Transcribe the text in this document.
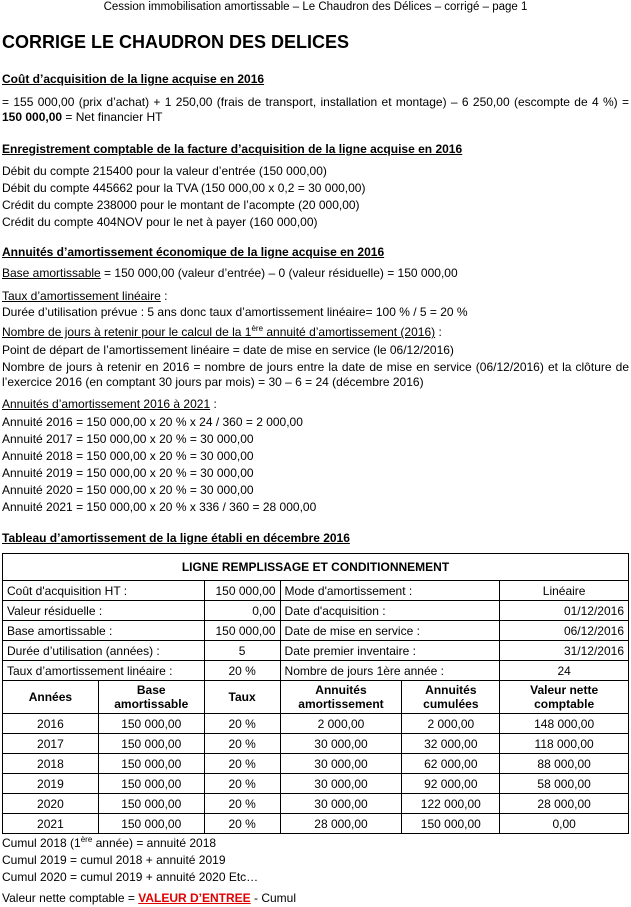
Cession immobilisation amortissable – Le Chaudron des Délices – corrigé – page 1
CORRIGE LE CHAUDRON DES DELICES
Coût d’acquisition de la ligne acquise en 2016
= 155 000,00 (prix d’achat) + 1 250,00 (frais de transport, installation et montage) – 6 250,00 (escompte de 4 %) = 150 000,00 = Net financier HT
Enregistrement comptable de la facture d’acquisition de la ligne acquise en 2016
Débit du compte 215400 pour la valeur d’entrée (150 000,00)
Débit du compte 445662 pour la TVA (150 000,00 x 0,2 = 30 000,00)
Crédit du compte 238000 pour le montant de l’acompte (20 000,00)
Crédit du compte 404NOV pour le net à payer (160 000,00)
Annuités d’amortissement économique de la ligne acquise en 2016
Base amortissable = 150 000,00 (valeur d’entrée) – 0 (valeur résiduelle) = 150 000,00
Taux d’amortissement linéaire :
Durée d’utilisation prévue : 5 ans donc taux d’amortissement linéaire= 100 % / 5 = 20 %
Nombre de jours à retenir pour le calcul de la 1ère annuité d’amortissement (2016) :
Point de départ de l’amortissement linéaire = date de mise en service (le 06/12/2016)
Nombre de jours à retenir en 2016 = nombre de jours entre la date de mise en service (06/12/2016) et la clôture de l’exercice 2016 (en comptant 30 jours par mois) = 30 – 6 = 24 (décembre 2016)
Annuités d’amortissement 2016 à 2021 :
Annuité 2016 = 150 000,00 x 20 % x 24 / 360 = 2 000,00
Annuité 2017 = 150 000,00 x 20 % = 30 000,00
Annuité 2018 = 150 000,00 x 20 % = 30 000,00
Annuité 2019 = 150 000,00 x 20 % = 30 000,00
Annuité 2020 = 150 000,00 x 20 % = 30 000,00
Annuité 2021 = 150 000,00 x 20 % x 336 / 360 = 28 000,00
Tableau d’amortissement de la ligne établi en décembre 2016
LIGNE REMPLISSAGE ET CONDITIONNEMENT					
Coût d'acquisition HT :		150 000,00	Mode d'amortissement :		Linéaire
Valeur résiduelle :		0,00	Date d'acquisition :		01/12/2016
Base amortissable :		150 000,00	Date de mise en service :		06/12/2016
Durée d’utilisation (années) :		5	Date premier inventaire :		31/12/2016
Taux d’amortissement linéaire :		20 %	Nombre de jours 1ère année :		24
Années	Base amortissable	Taux	Annuités amortissement	Annuités cumulées	Valeur nette comptable
2016	150 000,00	20 %	2 000,00	2 000,00	148 000,00
2017	150 000,00	20 %	30 000,00	32 000,00	118 000,00
2018	150 000,00	20 %	30 000,00	62 000,00	88 000,00
2019	150 000,00	20 %	30 000,00	92 000,00	58 000,00
2020	150 000,00	20 %	30 000,00	122 000,00	28 000,00
2021	150 000,00	20 %	28 000,00	150 000,00	0,00
Cumul 2018 (1ère année) = annuité 2018
Cumul 2019 = cumul 2018 + annuité 2019
Cumul 2020 = cumul 2019 + annuité 2020 Etc…
Valeur nette comptable = VALEUR D’ENTREE - Cumul
